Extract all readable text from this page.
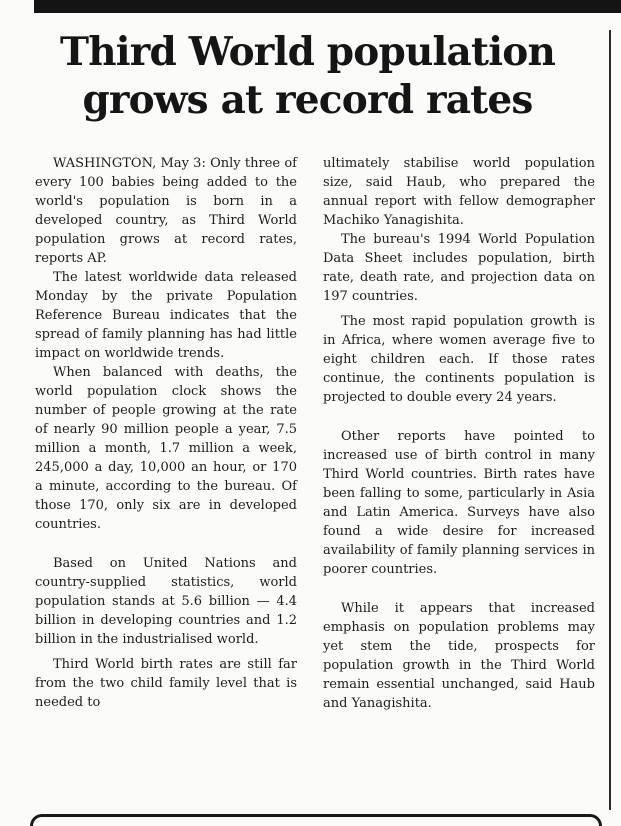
Third World population
grows at record rates

WASHINGTON, May 3: Only three of every 100 babies being added to the world's population is born in a developed country, as Third World population grows at record rates, reports AP.

The latest worldwide data released Monday by the private Population Reference Bureau indicates that the spread of family planning has had little impact on worldwide trends.

When balanced with deaths, the world population clock shows the number of people growing at the rate of nearly 90 million people a year, 7.5 million a month, 1.7 million a week, 245,000 a day, 10,000 an hour, or 170 a minute, according to the bureau. Of those 170, only six are in developed countries.

Based on United Nations and country-supplied statistics, world population stands at 5.6 billion — 4.4 billion in developing countries and 1.2 billion in the industrialised world.

Third World birth rates are still far from the two child family level that is needed to

ultimately stabilise world population size, said Haub, who prepared the annual report with fellow demographer Machiko Yanagishita.

The bureau's 1994 World Population Data Sheet includes population, birth rate, death rate, and projection data on 197 countries.

The most rapid population growth is in Africa, where women average five to eight children each. If those rates continue, the continents population is projected to double every 24 years.

Other reports have pointed to increased use of birth control in many Third World countries. Birth rates have been falling to some, particularly in Asia and Latin America. Surveys have also found a wide desire for increased availability of family planning services in poorer countries.

While it appears that increased emphasis on population problems may yet stem the tide, prospects for population growth in the Third World remain essential unchanged, said Haub and Yanagishita.
